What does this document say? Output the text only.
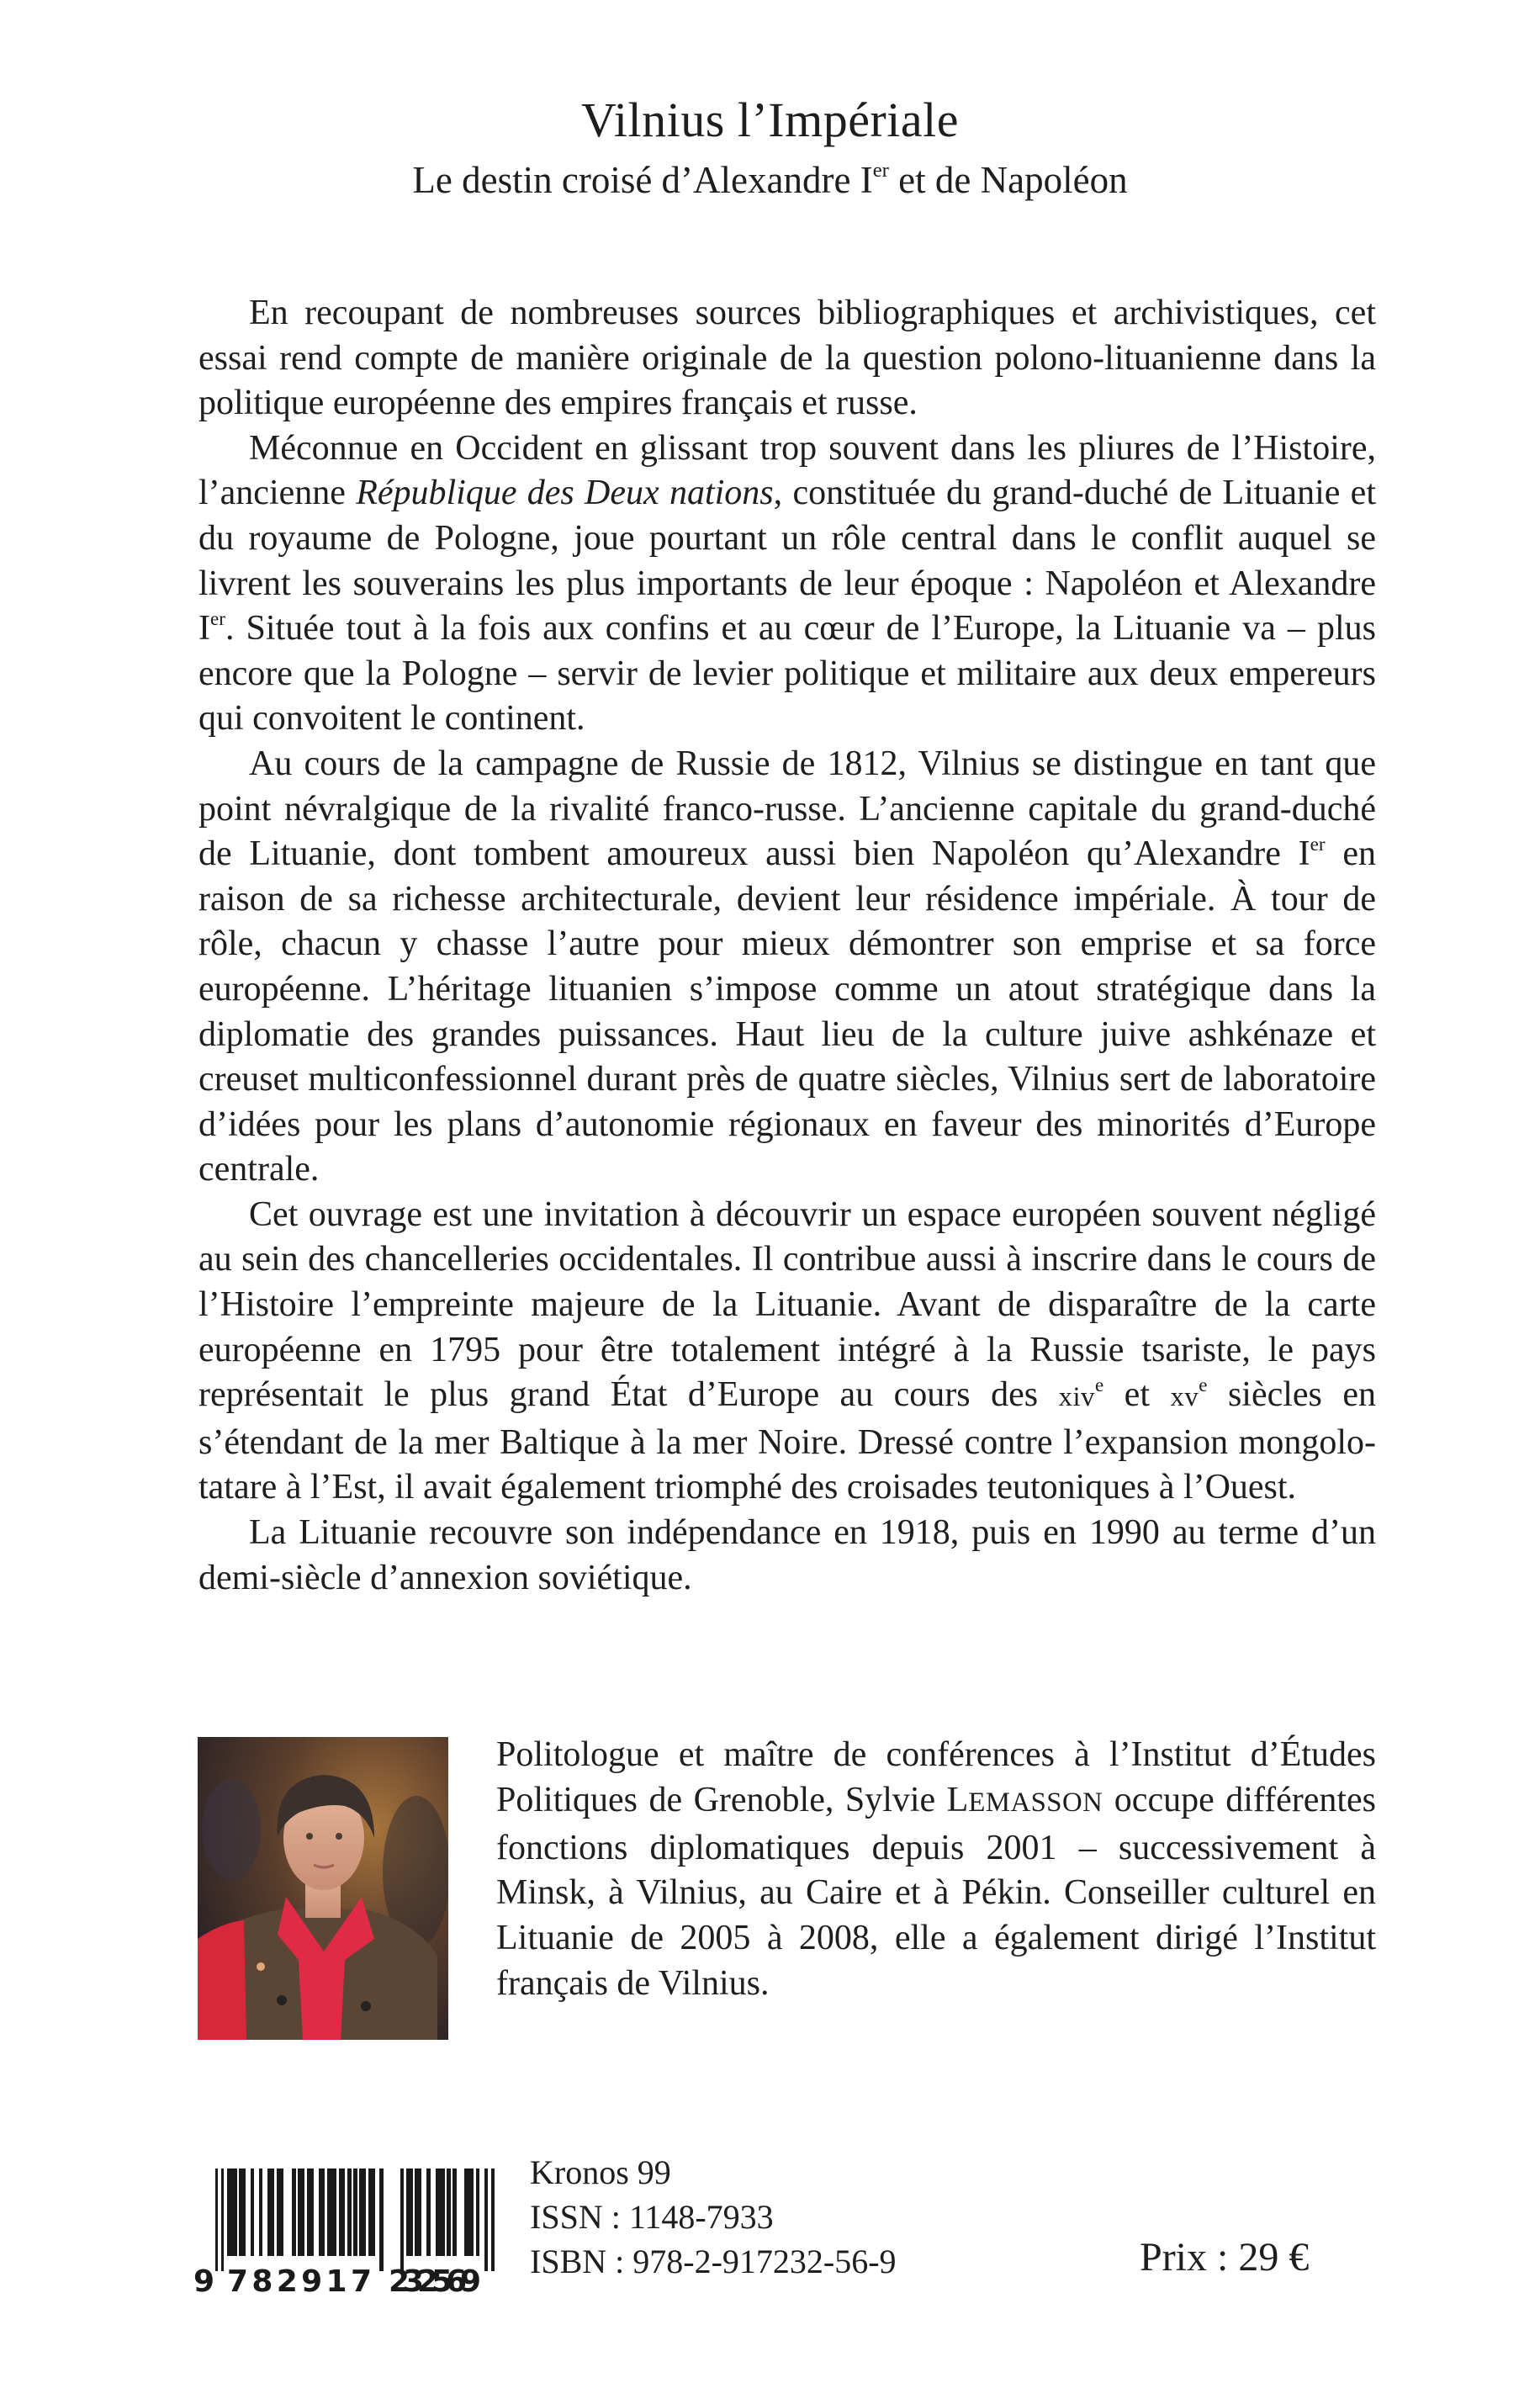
Vilnius l’Impériale
Le destin croisé d’Alexandre Ier et de Napoléon

En recoupant de nombreuses sources bibliographiques et archivistiques, cet essai rend compte de manière originale de la question polono-lituanienne dans la politique européenne des empires français et russe.

Méconnue en Occident en glissant trop souvent dans les pliures de l’Histoire, l’ancienne République des Deux nations, constituée du grand-duché de Lituanie et du royaume de Pologne, joue pourtant un rôle central dans le conflit auquel se livrent les souverains les plus importants de leur époque : Napoléon et Alexandre Ier. Située tout à la fois aux confins et au cœur de l’Europe, la Lituanie va – plus encore que la Pologne – servir de levier politique et militaire aux deux empereurs qui convoitent le continent.

Au cours de la campagne de Russie de 1812, Vilnius se distingue en tant que point névralgique de la rivalité franco-russe. L’ancienne capitale du grand-duché de Lituanie, dont tombent amoureux aussi bien Napoléon qu’Alexandre Ier en raison de sa richesse architecturale, devient leur résidence impériale. À tour de rôle, chacun y chasse l’autre pour mieux démontrer son emprise et sa force européenne. L’héritage lituanien s’impose comme un atout stratégique dans la diplomatie des grandes puissances. Haut lieu de la culture juive ashkénaze et creuset multiconfessionnel durant près de quatre siècles, Vilnius sert de laboratoire d’idées pour les plans d’autonomie régionaux en faveur des minorités d’Europe centrale.

Cet ouvrage est une invitation à découvrir un espace européen souvent négligé au sein des chancelleries occidentales. Il contribue aussi à inscrire dans le cours de l’Histoire l’empreinte majeure de la Lituanie. Avant de disparaître de la carte européenne en 1795 pour être totalement intégré à la Russie tsariste, le pays représentait le plus grand État d’Europe au cours des xiv$^e$ et $xv^e$ siècles en s’étendant de la mer Baltique à la mer Noire. Dressé contre l’expansion mongolo-tatare à l’Est, il avait également triomphé des croisades teutoniques à l’Ouest.

La Lituanie recouvre son indépendance en 1918, puis en 1990 au terme d’un demi-siècle d’annexion soviétique.

Politologue et maître de conférences à l’Institut d’Études Politiques de Grenoble, Sylvie LEMASSON occupe différentes fonctions diplomatiques depuis 2001 – successivement à Minsk, à Vilnius, au Caire et à Pékin. Conseiller culturel en Lituanie de 2005 à 2008, elle a également dirigé l’Institut français de Vilnius.

9 782917 232569
Kronos 99
ISSN : 1148-7933
ISBN : 978-2-917232-56-9	Prix : 29 €
